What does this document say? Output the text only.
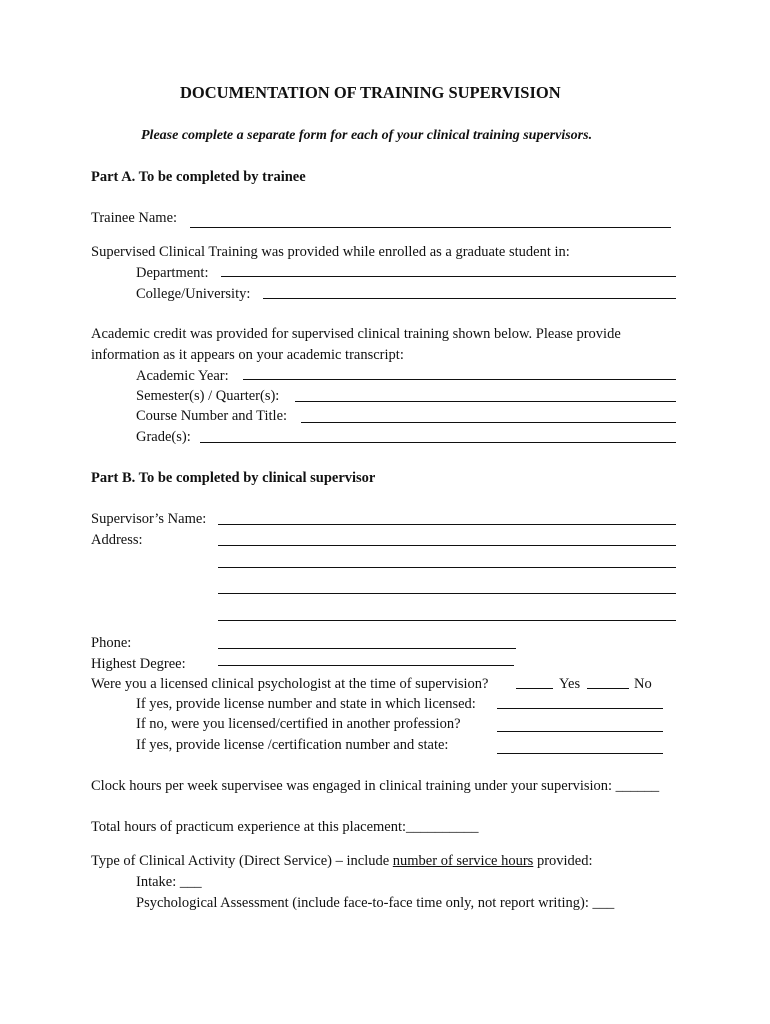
DOCUMENTATION OF TRAINING SUPERVISION
Please complete a separate form for each of your clinical training supervisors.
Part A. To be completed by trainee
Trainee Name:
Supervised Clinical Training was provided while enrolled as a graduate student in:
Department:
College/University:
Academic credit was provided for supervised clinical training shown below. Please provide
information as it appears on your academic transcript:
Academic Year:
Semester(s) / Quarter(s):
Course Number and Title:
Grade(s):
Part B. To be completed by clinical supervisor
Supervisor’s Name:
Address:
Phone:
Highest Degree:
Were you a licensed clinical psychologist at the time of supervision?	Yes	No
If yes, provide license number and state in which licensed:
If no, were you licensed/certified in another profession?
If yes, provide license /certification number and state:
Clock hours per week supervisee was engaged in clinical training under your supervision: ______
Total hours of practicum experience at this placement:__________
Type of Clinical Activity (Direct Service) – include number of service hours provided:
Intake: ___
Psychological Assessment (include face-to-face time only, not report writing): ___
